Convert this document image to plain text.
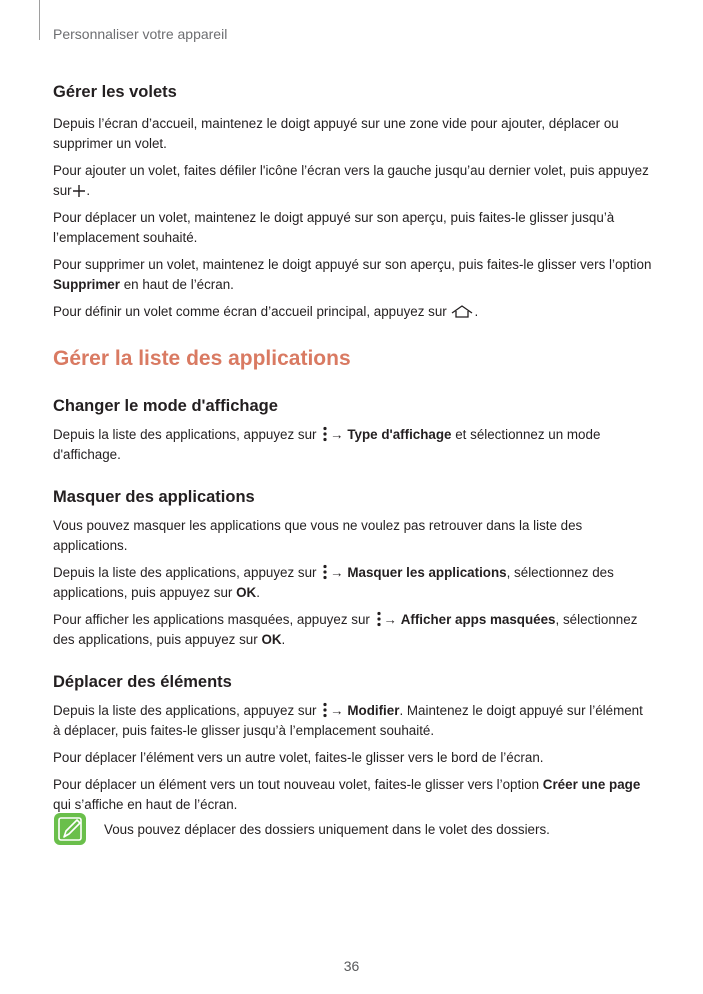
Personnaliser votre appareil
Gérer les volets

Depuis l’écran d’accueil, maintenez le doigt appuyé sur une zone vide pour ajouter, déplacer ou supprimer un volet.

Pour ajouter un volet, faites défiler l'icône l’écran vers la gauche jusqu’au dernier volet, puis appuyez sur .

Pour déplacer un volet, maintenez le doigt appuyé sur son aperçu, puis faites-le glisser jusqu’à l’emplacement souhaité.

Pour supprimer un volet, maintenez le doigt appuyé sur son aperçu, puis faites-le glisser vers l’option Supprimer en haut de l’écran.

Pour définir un volet comme écran d’accueil principal, appuyez sur .

Gérer la liste des applications
Changer le mode d'affichage

Depuis la liste des applications, appuyez sur → Type d'affichage et sélectionnez un mode d'affichage.

Masquer des applications

Vous pouvez masquer les applications que vous ne voulez pas retrouver dans la liste des applications.

Depuis la liste des applications, appuyez sur → Masquer les applications, sélectionnez des applications, puis appuyez sur OK.

Pour afficher les applications masquées, appuyez sur → Afficher apps masquées, sélectionnez des applications, puis appuyez sur OK.

Déplacer des éléments

Depuis la liste des applications, appuyez sur → Modifier. Maintenez le doigt appuyé sur l’élément à déplacer, puis faites-le glisser jusqu’à l’emplacement souhaité.

Pour déplacer l’élément vers un autre volet, faites-le glisser vers le bord de l’écran.

Pour déplacer un élément vers un tout nouveau volet, faites-le glisser vers l’option Créer une page qui s’affiche en haut de l’écran.

Vous pouvez déplacer des dossiers uniquement dans le volet des dossiers.
36
